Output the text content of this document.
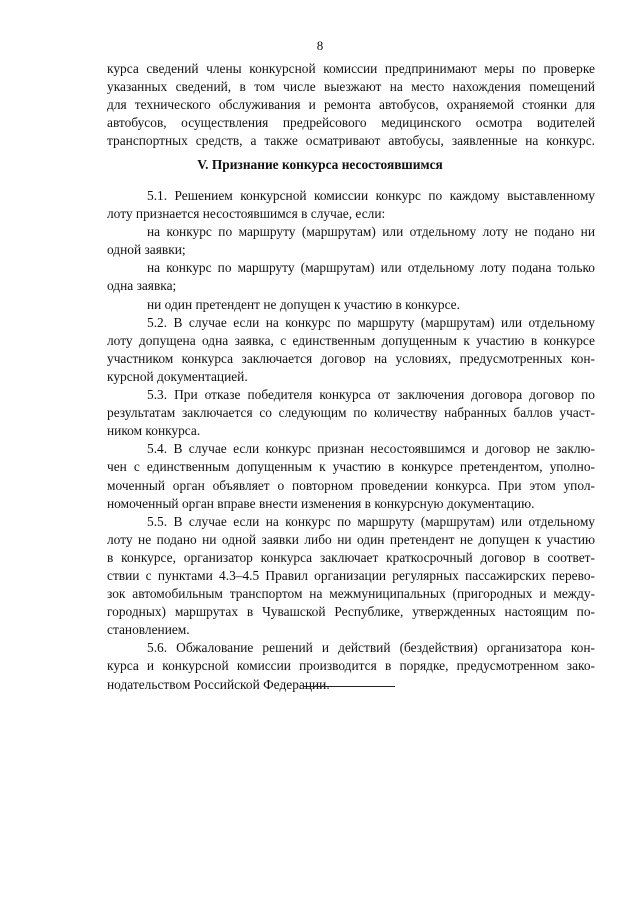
8
курса сведений члены конкурсной комиссии предпринимают меры по проверке
указанных сведений, в том числе выезжают на место нахождения помещений
для технического обслуживания и ремонта автобусов, охраняемой стоянки для
автобусов, осуществления предрейсового медицинского осмотра водителей
транспортных средств, а также осматривают автобусы, заявленные на конкурс.
V. Признание конкурса несостоявшимся
5.1. Решением конкурсной комиссии конкурс по каждому выставленному
лоту признается несостоявшимся в случае, если:
на конкурс по маршруту (маршрутам) или отдельному лоту не подано ни
одной заявки;
на конкурс по маршруту (маршрутам) или отдельному лоту подана только
одна заявка;
ни один претендент не допущен к участию в конкурсе.
5.2. В случае если на конкурс по маршруту (маршрутам) или отдельному
лоту допущена одна заявка, с единственным допущенным к участию в конкурсе
участником конкурса заключается договор на условиях, предусмотренных кон-
курсной документацией.
5.3. При отказе победителя конкурса от заключения договора договор по
результатам заключается со следующим по количеству набранных баллов участ-
ником конкурса.
5.4. В случае если конкурс признан несостоявшимся и договор не заклю-
чен с единственным допущенным к участию в конкурсе претендентом, уполно-
моченный орган объявляет о повторном проведении конкурса. При этом упол-
номоченный орган вправе внести изменения в конкурсную документацию.
5.5. В случае если на конкурс по маршруту (маршрутам) или отдельному
лоту не подано ни одной заявки либо ни один претендент не допущен к участию
в конкурсе, организатор конкурса заключает краткосрочный договор в соответ-
ствии с пунктами 4.3–4.5 Правил организации регулярных пассажирских перево-
зок автомобильным транспортом на межмуниципальных (пригородных и между-
городных) маршрутах в Чувашской Республике, утвержденных настоящим по-
становлением.
5.6. Обжалование решений и действий (бездействия) организатора кон-
курса и конкурсной комиссии производится в порядке, предусмотренном зако-
нодательством Российской Федерации.
